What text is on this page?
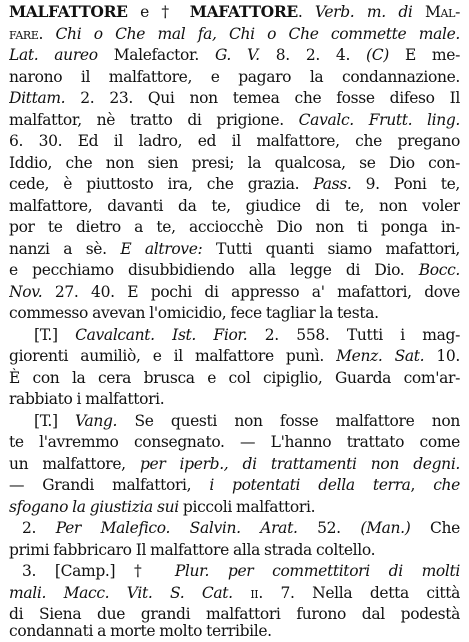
MALFATTORE e † MAFATTORE. Verb. m. di Mal-
fare. Chi o Che mal fa, Chi o Che commette male.
Lat. aureo Malefactor. G. V. 8. 2. 4. (C) E me-
narono il malfattore, e pagaro la condannazione.
Dittam. 2. 23. Qui non temea che fosse difeso Il
malfattor, nè tratto di prigione. Cavalc. Frutt. ling.
6. 30. Ed il ladro, ed il malfattore, che pregano
Iddio, che non sien presi; la qualcosa, se Dio con-
cede, è piuttosto ira, che grazia. Pass. 9. Poni te,
malfattore, davanti da te, giudice di te, non voler
por te dietro a te, acciocchè Dio non ti ponga in-
nanzi a sè. E altrove: Tutti quanti siamo mafattori,
e pecchiamo disubbidiendo alla legge di Dio. Bocc.
Nov. 27. 40. E pochi di appresso a' mafattori, dove
commesso avevan l'omicidio, fece tagliar la testa.
[T.] Cavalcant. Ist. Fior. 2. 558. Tutti i mag-
giorenti aumiliò, e il malfattore punì. Menz. Sat. 10.
È con la cera brusca e col cipiglio, Guarda com'ar-
rabbiato i malfattori.
[T.] Vang. Se questi non fosse malfattore non
te l'avremmo consegnato. — L'hanno trattato come
un malfattore, per iperb., di trattamenti non degni.
— Grandi malfattori, i potentati della terra, che
sfogano la giustizia sui piccoli malfattori.
2. Per Malefico. Salvin. Arat. 52. (Man.) Che
primi fabbricaro Il malfattore alla strada coltello.
3. [Camp.] † Plur. per commettitori di molti
mali. Macc. Vit. S. Cat. ii. 7. Nella detta città
di Siena due grandi malfattori furono dal podestà
condannati a morte molto terribile.
